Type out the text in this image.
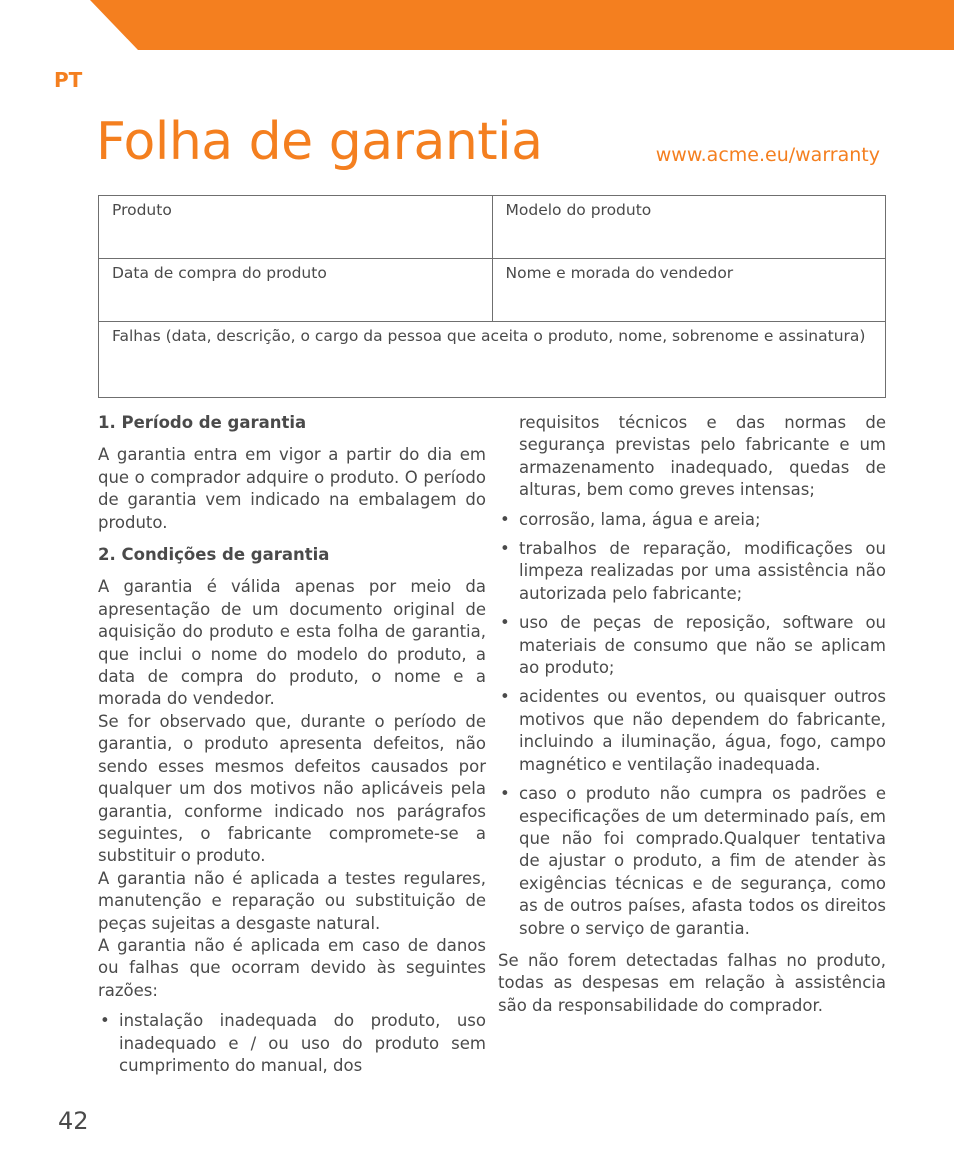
PT
Folha de garantia	www.acme.eu/warranty
Produto	Modelo do produto
Data de compra do produto	Nome e morada do vendedor
Falhas (data, descrição, o cargo da pessoa que aceita o produto, nome, sobrenome e assinatura)	
1. Período de garantia

A garantia entra em vigor a partir do dia em que o comprador adquire o produto. O período de garantia vem indicado na embalagem do produto.

2. Condições de garantia

A garantia é válida apenas por meio da apresentação de um documento original de aquisição do produto e esta folha de garantia, que inclui o nome do modelo do produto, a data de compra do produto, o nome e a morada do vendedor.

Se for observado que, durante o período de garantia, o produto apresenta defeitos, não sendo esses mesmos defeitos causados por qualquer um dos motivos não aplicáveis pela garantia, conforme indicado nos parágrafos seguintes, o fabricante compromete-se a substituir o produto.

A garantia não é aplicada a testes regulares, manutenção e reparação ou substituição de peças sujeitas a desgaste natural.

A garantia não é aplicada em caso de danos ou falhas que ocorram devido às seguintes razões:

• instalação inadequada do produto, uso inadequado e / ou uso do produto sem cumprimento do manual, dos

requisitos técnicos e das normas de segurança previstas pelo fabricante e um armazenamento inadequado, quedas de alturas, bem como greves intensas;

• corrosão, lama, água e areia;
• trabalhos de reparação, modificações ou limpeza realizadas por uma assistência não autorizada pelo fabricante;
• uso de peças de reposição, software ou materiais de consumo que não se aplicam ao produto;
• acidentes ou eventos, ou quaisquer outros motivos que não dependem do fabricante, incluindo a iluminação, água, fogo, campo magnético e ventilação inadequada.
• caso o produto não cumpra os padrões e especificações de um determinado país, em que não foi comprado.Qualquer tentativa de ajustar o produto, a fim de atender às exigências técnicas e de segurança, como as de outros países, afasta todos os direitos sobre o serviço de garantia.

Se não forem detectadas falhas no produto, todas as despesas em relação à assistência são da responsabilidade do comprador.

42
